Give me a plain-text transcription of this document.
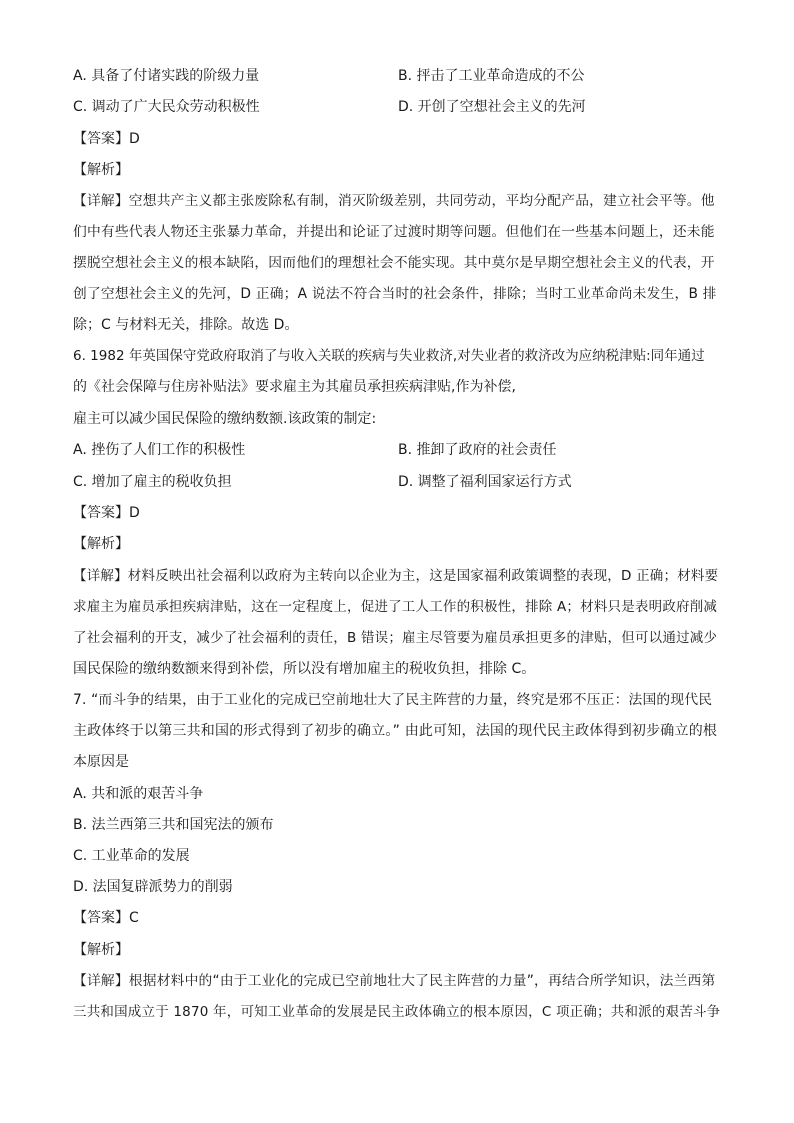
A. 具备了付诸实践的阶级力量	B. 抨击了工业革命造成的不公
C. 调动了广大民众劳动积极性	D. 开创了空想社会主义的先河
【答案】D
【解析】
【详解】空想共产主义都主张废除私有制，消灭阶级差别，共同劳动，平均分配产品，建立社会平等。他
们中有些代表人物还主张暴力革命，并提出和论证了过渡时期等问题。但他们在一些基本问题上，还未能
摆脱空想社会主义的根本缺陷，因而他们的理想社会不能实现。其中莫尔是早期空想社会主义的代表，开
创了空想社会主义的先河，D 正确；A 说法不符合当时的社会条件，排除；当时工业革命尚未发生，B 排
除；C 与材料无关，排除。故选 D。
6. 1982 年英国保守党政府取消了与收入关联的疾病与失业救济,对失业者的救济改为应纳税津贴:同年通过
的《社会保障与住房补贴法》要求雇主为其雇员承担疾病津贴,作为补偿,
雇主可以减少国民保险的缴纳数额.该政策的制定:
A. 挫伤了人们工作的积极性	B. 推卸了政府的社会责任
C. 增加了雇主的税收负担	D. 调整了福利国家运行方式
【答案】D
【解析】
【详解】材料反映出社会福利以政府为主转向以企业为主，这是国家福利政策调整的表现，D 正确；材料要
求雇主为雇员承担疾病津贴，这在一定程度上，促进了工人工作的积极性，排除 A；材料只是表明政府削减
了社会福利的开支，减少了社会福利的责任，B 错误；雇主尽管要为雇员承担更多的津贴，但可以通过减少
国民保险的缴纳数额来得到补偿，所以没有增加雇主的税收负担，排除 C。
7. “而斗争的结果，由于工业化的完成已空前地壮大了民主阵营的力量，终究是邪不压正：法国的现代民
主政体终于以第三共和国的形式得到了初步的确立。” 由此可知，法国的现代民主政体得到初步确立的根
本原因是
A. 共和派的艰苦斗争
B. 法兰西第三共和国宪法的颁布
C. 工业革命的发展
D. 法国复辟派势力的削弱
【答案】C
【解析】
【详解】根据材料中的“由于工业化的完成已空前地壮大了民主阵营的力量”，再结合所学知识，法兰西第
三共和国成立于 1870 年，可知工业革命的发展是民主政体确立的根本原因，C 项正确；共和派的艰苦斗争
